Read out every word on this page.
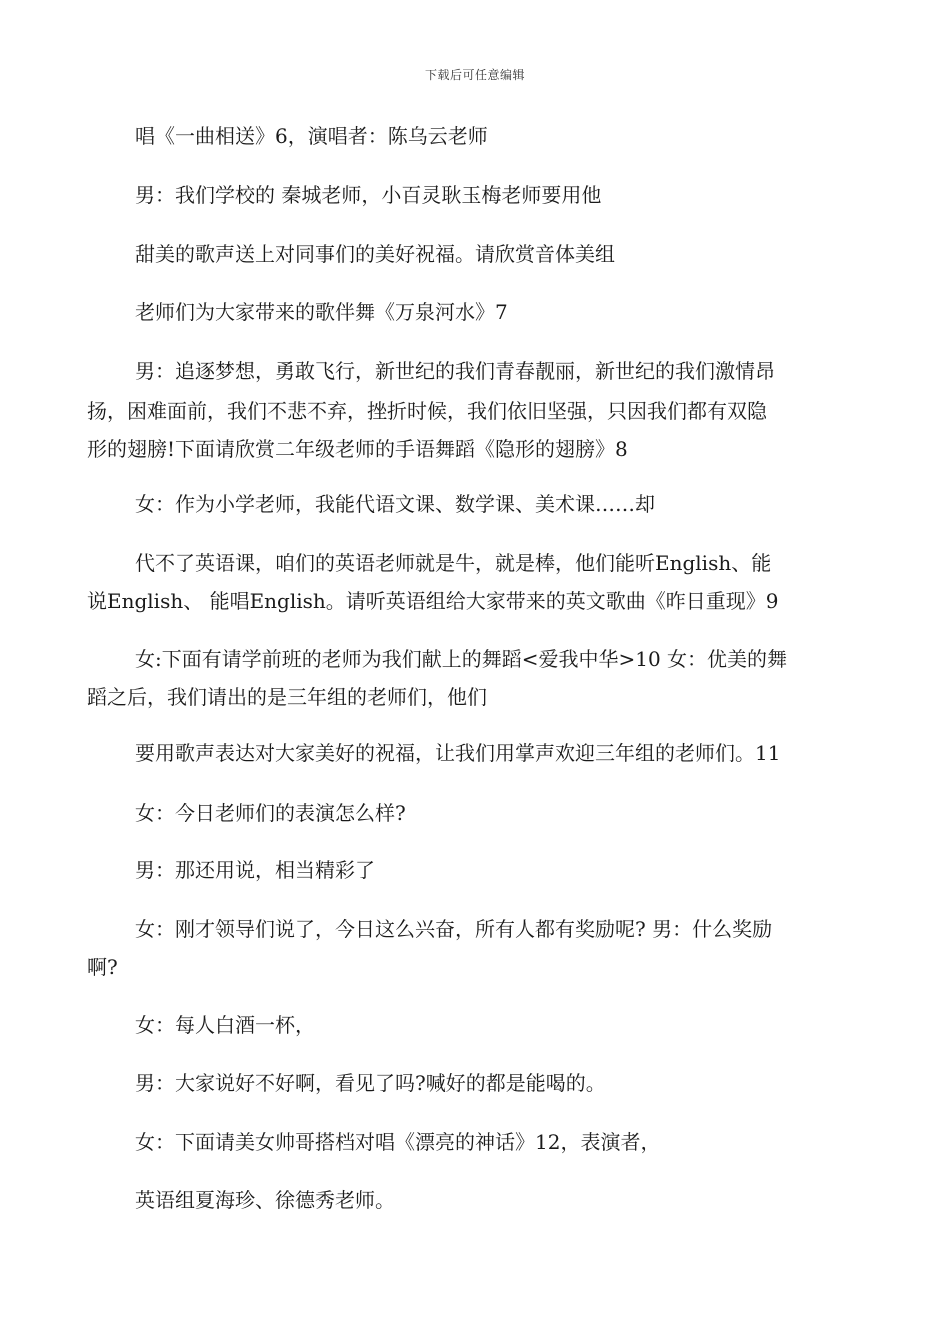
下载后可任意编辑
唱《一曲相送》6，演唱者：陈乌云老师
男：我们学校的 秦城老师，小百灵耿玉梅老师要用他
甜美的歌声送上对同事们的美好祝福。请欣赏音体美组
老师们为大家带来的歌伴舞《万泉河水》7
男：追逐梦想，勇敢飞行，新世纪的我们青春靓丽，新世纪的我们激情昂
扬，困难面前，我们不悲不弃，挫折时候，我们依旧坚强，只因我们都有双隐
形的翅膀!下面请欣赏二年级老师的手语舞蹈《隐形的翅膀》8
女：作为小学老师，我能代语文课、数学课、美术课……却
代不了英语课，咱们的英语老师就是牛，就是棒，他们能听English、能
说English、 能唱English。请听英语组给大家带来的英文歌曲《昨日重现》9
女:下面有请学前班的老师为我们献上的舞蹈<爱我中华>10 女：优美的舞
蹈之后，我们请出的是三年组的老师们，他们
要用歌声表达对大家美好的祝福，让我们用掌声欢迎三年组的老师们。11
女：今日老师们的表演怎么样?
男：那还用说，相当精彩了
女：刚才领导们说了，今日这么兴奋，所有人都有奖励呢? 男：什么奖励
啊?
女：每人白酒一杯，
男：大家说好不好啊，看见了吗?喊好的都是能喝的。
女：下面请美女帅哥搭档对唱《漂亮的神话》12，表演者，
英语组夏海珍、徐德秀老师。
